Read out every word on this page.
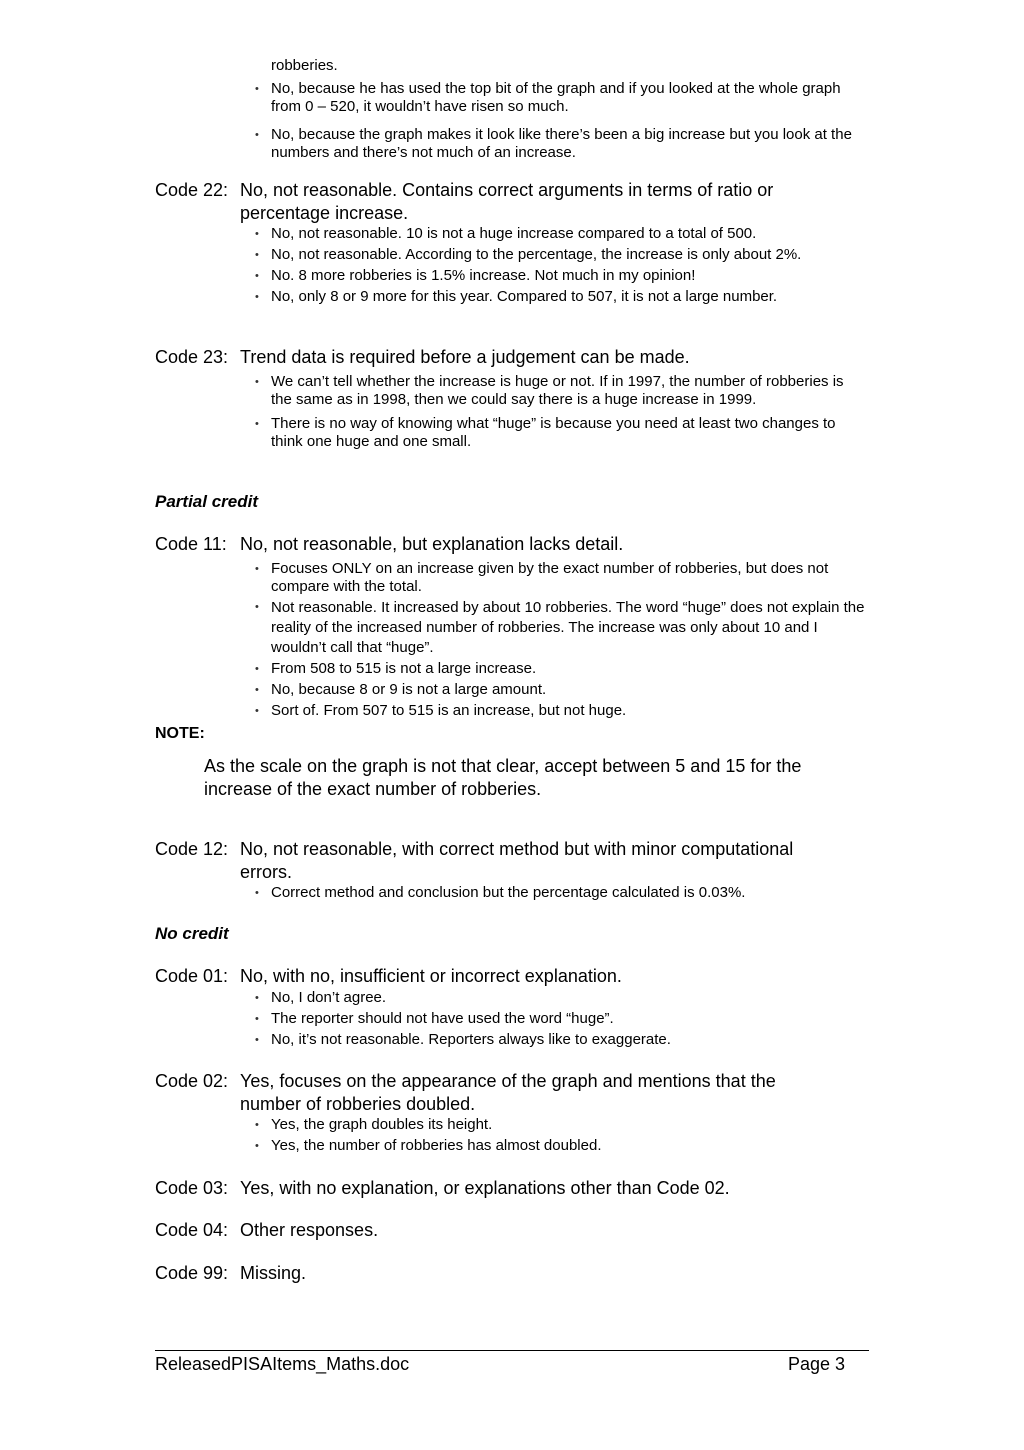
robberies.
• No, because he has used the top bit of the graph and if you looked at the whole graph from 0 – 520, it wouldn’t have risen so much.
• No, because the graph makes it look like there’s been a big increase but you look at the numbers and there’s not much of an increase.
Code 22: No, not reasonable. Contains correct arguments in terms of ratio or percentage increase.
• No, not reasonable. 10 is not a huge increase compared to a total of 500.
• No, not reasonable. According to the percentage, the increase is only about 2%.
• No. 8 more robberies is 1.5% increase. Not much in my opinion!
• No, only 8 or 9 more for this year. Compared to 507, it is not a large number.
Code 23: Trend data is required before a judgement can be made.
• We can’t tell whether the increase is huge or not. If in 1997, the number of robberies is the same as in 1998, then we could say there is a huge increase in 1999.
• There is no way of knowing what “huge” is because you need at least two changes to think one huge and one small.
Partial credit
Code 11: No, not reasonable, but explanation lacks detail.
• Focuses ONLY on an increase given by the exact number of robberies, but does not compare with the total.
• Not reasonable. It increased by about 10 robberies. The word “huge” does not explain the reality of the increased number of robberies. The increase was only about 10 and I wouldn’t call that “huge”.
• From 508 to 515 is not a large increase.
• No, because 8 or 9 is not a large amount.
• Sort of. From 507 to 515 is an increase, but not huge.
NOTE:
As the scale on the graph is not that clear, accept between 5 and 15 for the increase of the exact number of robberies.
Code 12: No, not reasonable, with correct method but with minor computational errors.
• Correct method and conclusion but the percentage calculated is 0.03%.
No credit
Code 01: No, with no, insufficient or incorrect explanation.
• No, I don’t agree.
• The reporter should not have used the word “huge”.
• No, it’s not reasonable. Reporters always like to exaggerate.
Code 02: Yes, focuses on the appearance of the graph and mentions that the number of robberies doubled.
• Yes, the graph doubles its height.
• Yes, the number of robberies has almost doubled.
Code 03: Yes, with no explanation, or explanations other than Code 02.
Code 04: Other responses.
Code 99: Missing.
ReleasedPISAItems_Maths.doc	Page 3
